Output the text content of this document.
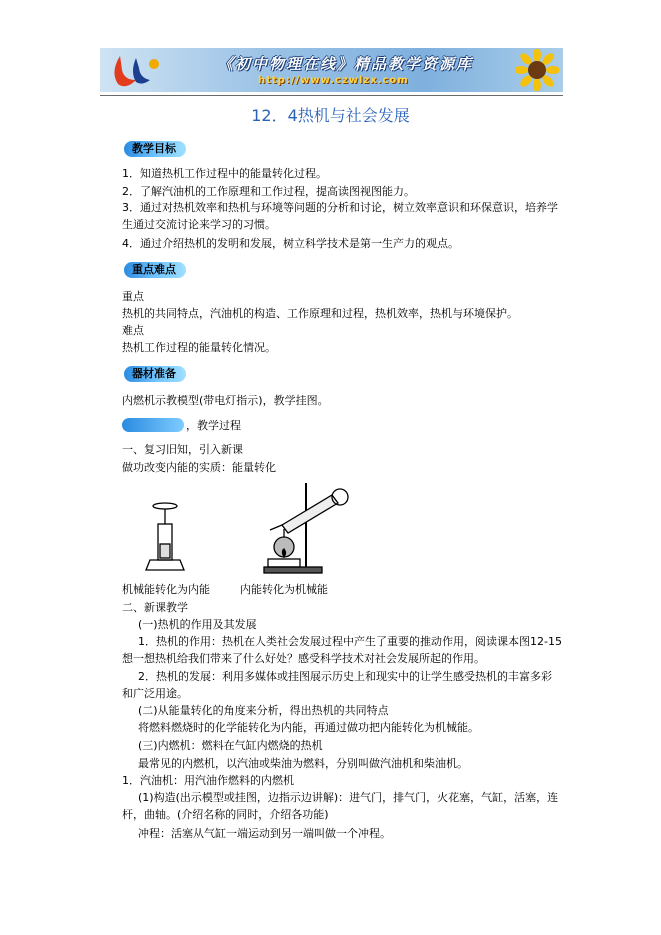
《初中物理在线》精品教学资源库
http://www.czwlzx.com
12．4热机与社会发展
教学目标
1．知道热机工作过程中的能量转化过程。
2．了解汽油机的工作原理和工作过程，提高读图视图能力。
3．通过对热机效率和热机与环境等问题的分析和讨论，树立效率意识和环保意识，培养学生通过交流讨论来学习的习惯。
4．通过介绍热机的发明和发展，树立科学技术是第一生产力的观点。
重点难点
重点
热机的共同特点，汽油机的构造、工作原理和过程，热机效率，热机与环境保护。
难点
热机工作过程的能量转化情况。
器材准备
内燃机示教模型(带电灯指示)，教学挂图。
，教学过程
一、复习旧知，引入新课
做功改变内能的实质：能量转化
机械能转化为内能	内能转化为机械能
二、新课教学
(一)热机的作用及其发展
1．热机的作用：热机在人类社会发展过程中产生了重要的推动作用，阅读课本图12-15想一想热机给我们带来了什么好处？感受科学技术对社会发展所起的作用。
2．热机的发展：利用多媒体或挂图展示历史上和现实中的让学生感受热机的丰富多彩和广泛用途。
(二)从能量转化的角度来分析，得出热机的共同特点
将燃料燃烧时的化学能转化为内能，再通过做功把内能转化为机械能。
(三)内燃机：燃料在气缸内燃烧的热机
最常见的内燃机，以汽油或柴油为燃料，分别叫做汽油机和柴油机。
1．汽油机：用汽油作燃料的内燃机
(1)构造(出示模型或挂图，边指示边讲解)：进气门，排气门，火花塞，气缸，活塞，连杆，曲轴。(介绍名称的同时，介绍各功能)
冲程：活塞从气缸一端运动到另一端叫做一个冲程。
